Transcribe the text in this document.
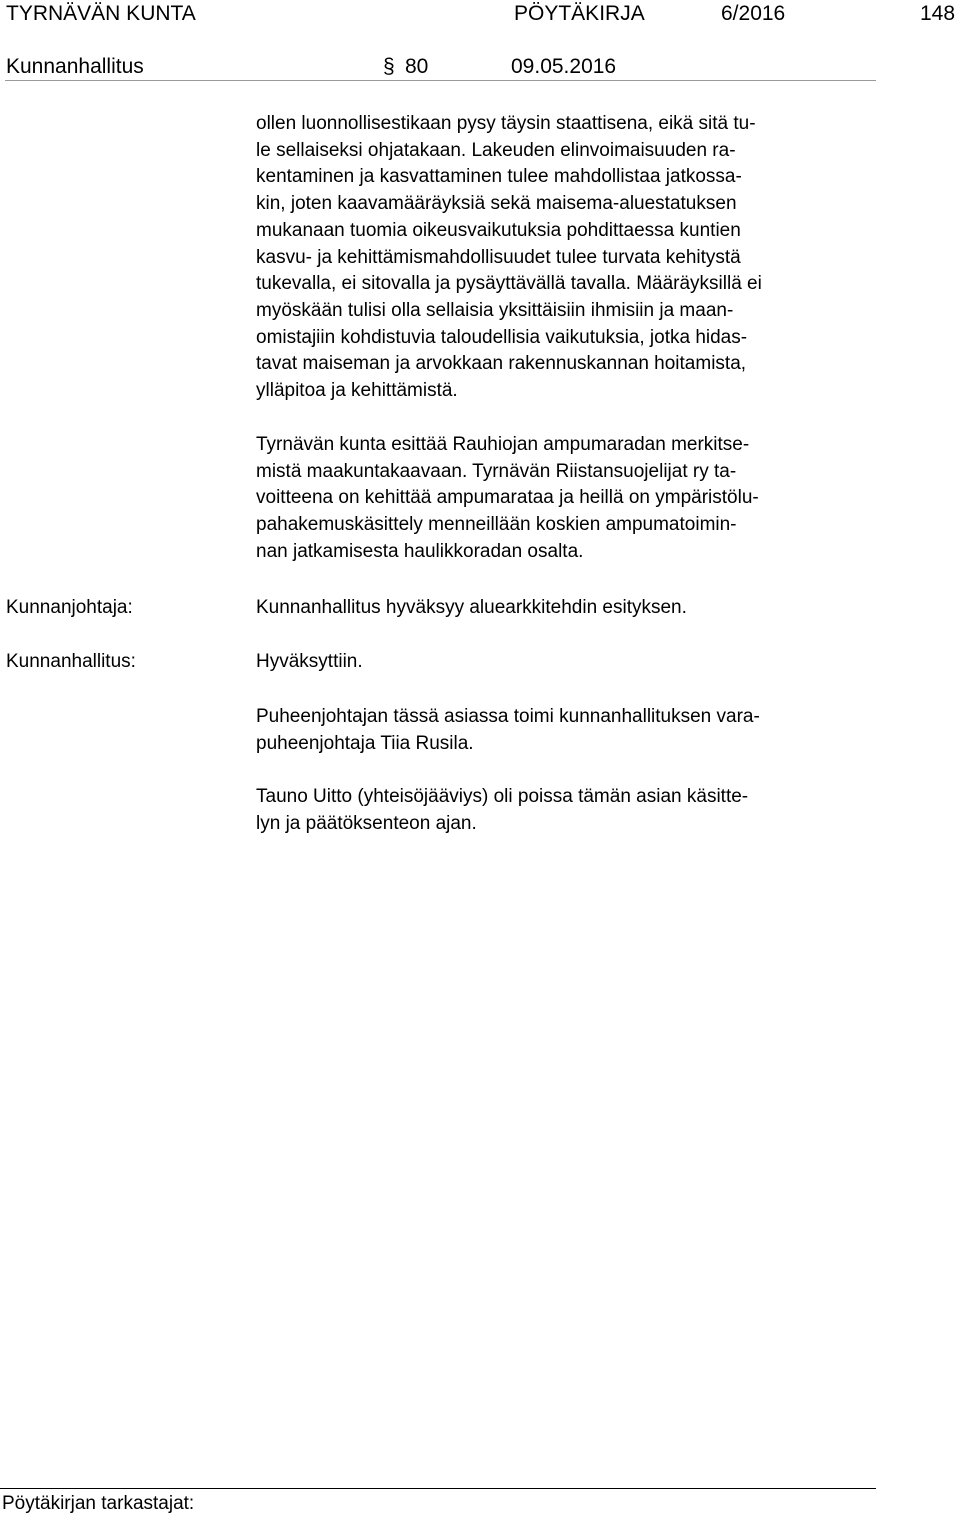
TYRNÄVÄN KUNTA	PÖYTÄKIRJA	6/2016	148
Kunnanhallitus	§ 80	09.05.2016
ollen luonnollisestikaan pysy täysin staattisena, eikä sitä tu-
le sellaiseksi ohjatakaan. Lakeuden elinvoimaisuuden ra-
kentaminen ja kasvattaminen tulee mahdollistaa jatkossa-
kin, joten kaavamääräyksiä sekä maisema-aluestatuksen
mukanaan tuomia oikeusvaikutuksia pohdittaessa kuntien
kasvu- ja kehittämismahdollisuudet tulee turvata kehitystä
tukevalla, ei sitovalla ja pysäyttävällä tavalla. Määräyksillä ei
myöskään tulisi olla sellaisia yksittäisiin ihmisiin ja maan-
omistajiin kohdistuvia taloudellisia vaikutuksia, jotka hidas-
tavat maiseman ja arvokkaan rakennuskannan hoitamista,
ylläpitoa ja kehittämistä.
Tyrnävän kunta esittää Rauhiojan ampumaradan merkitse-
mistä maakuntakaavaan. Tyrnävän Riistansuojelijat ry ta-
voitteena on kehittää ampumarataa ja heillä on ympäristölu-
pahakemuskäsittely menneillään koskien ampumatoimin-
nan jatkamisesta haulikkoradan osalta.
Kunnanjohtaja:	Kunnanhallitus hyväksyy aluearkkitehdin esityksen.
Kunnanhallitus:	Hyväksyttiin.
Puheenjohtajan tässä asiassa toimi kunnanhallituksen vara-
puheenjohtaja Tiia Rusila.
Tauno Uitto (yhteisöjääviys) oli poissa tämän asian käsitte-
lyn ja päätöksenteon ajan.
Pöytäkirjan tarkastajat:
